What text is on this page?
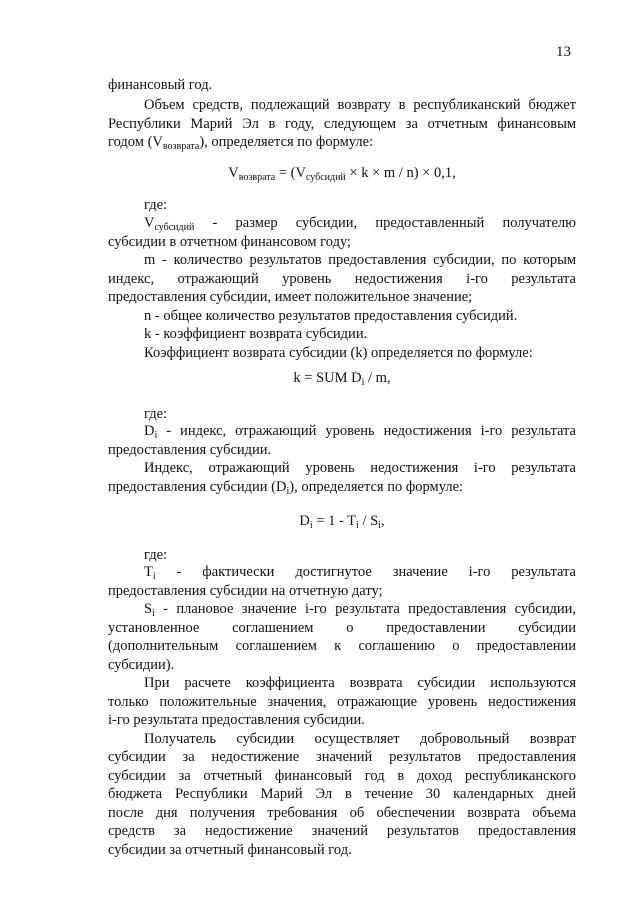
13
финансовый год.
Объем средств, подлежащий возврату в республиканский бюджет
Республики Марий Эл в году, следующем за отчетным финансовым
годом $(V_{возврата})$, определяется по формуле:
$V_{возврата} = (V_{субсидий} \times k \times m / n) \times 0,1$,
где:
$V_{субсидий}$ - размер субсидии, предоставленный получателю
субсидии в отчетном финансовом году;
m - количество результатов предоставления субсидии, по которым
индекс, отражающий уровень недостижения i-го результата
предоставления субсидии, имеет положительное значение;
n - общее количество результатов предоставления субсидий.
k - коэффициент возврата субсидии.
Коэффициент возврата субсидии (k) определяется по формуле:
k = SUM $D_i$ / m,
где:
$D_i$ - индекс, отражающий уровень недостижения i-го результата
предоставления субсидии.
Индекс, отражающий уровень недостижения i-го результата
предоставления субсидии $(D_i)$, определяется по формуле:
$D_i = 1 - T_i / S_i$,
где:
$T_i$ - фактически достигнутое значение i-го результата
предоставления субсидии на отчетную дату;
$S_i$ - плановое значение i-го результата предоставления субсидии,
установленное соглашением о предоставлении субсидии
(дополнительным соглашением к соглашению о предоставлении
субсидии).
При расчете коэффициента возврата субсидии используются
только положительные значения, отражающие уровень недостижения
i-го результата предоставления субсидии.
Получатель субсидии осуществляет добровольный возврат
субсидии за недостижение значений результатов предоставления
субсидии за отчетный финансовый год в доход республиканского
бюджета Республики Марий Эл в течение 30 календарных дней
после дня получения требования об обеспечении возврата объема
средств за недостижение значений результатов предоставления
субсидии за отчетный финансовый год.
